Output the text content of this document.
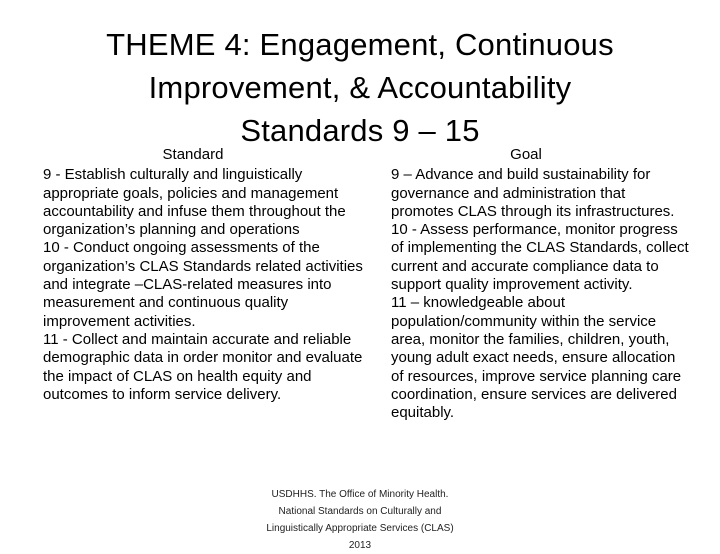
THEME 4: Engagement, Continuous
Improvement, & Accountability
Standards 9 – 15
Standard
9 - Establish culturally and linguistically appropriate goals, policies and management accountability and infuse them throughout the organization’s planning and operations
10 - Conduct ongoing assessments of the organization’s CLAS Standards related activities and integrate –CLAS-related measures into measurement and continuous quality improvement activities.
11 - Collect and maintain accurate and reliable demographic data in order monitor and evaluate the impact of CLAS on health equity and outcomes to inform service delivery.
Goal
9 – Advance and build sustainability for governance and administration that promotes CLAS through its infrastructures.
10 - Assess performance, monitor progress of implementing the CLAS Standards, collect current and accurate compliance data to support quality improvement activity.
11 – knowledgeable about population/community within the service area, monitor the families, children, youth, young adult exact needs, ensure allocation of resources, improve service planning care coordination, ensure services are delivered equitably.
USDHHS. The Office of Minority Health.
National Standards on Culturally and
Linguistically Appropriate Services (CLAS)
2013
